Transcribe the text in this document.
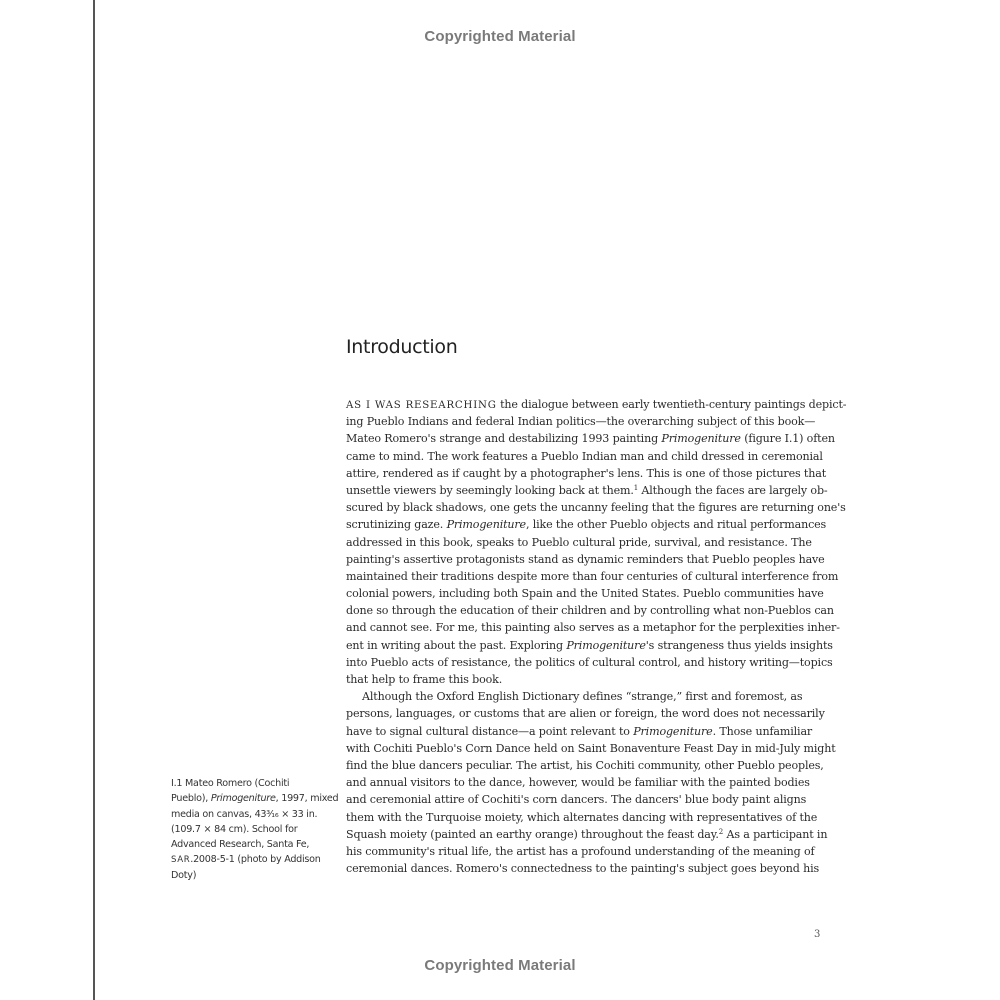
Copyrighted Material
Introduction
AS I WAS RESEARCHING the dialogue between early twentieth-century paintings depict-
ing Pueblo Indians and federal Indian politics—the overarching subject of this book—
Mateo Romero's strange and destabilizing 1993 painting Primogeniture (figure I.1) often
came to mind. The work features a Pueblo Indian man and child dressed in ceremonial
attire, rendered as if caught by a photographer's lens. This is one of those pictures that
unsettle viewers by seemingly looking back at them.$^1$ Although the faces are largely ob-
scured by black shadows, one gets the uncanny feeling that the figures are returning one's
scrutinizing gaze. Primogeniture, like the other Pueblo objects and ritual performances
addressed in this book, speaks to Pueblo cultural pride, survival, and resistance. The
painting's assertive protagonists stand as dynamic reminders that Pueblo peoples have
maintained their traditions despite more than four centuries of cultural interference from
colonial powers, including both Spain and the United States. Pueblo communities have
done so through the education of their children and by controlling what non-Pueblos can
and cannot see. For me, this painting also serves as a metaphor for the perplexities inher-
ent in writing about the past. Exploring Primogeniture's strangeness thus yields insights
into Pueblo acts of resistance, the politics of cultural control, and history writing—topics
that help to frame this book.
Although the Oxford English Dictionary defines “strange,” first and foremost, as
persons, languages, or customs that are alien or foreign, the word does not necessarily
have to signal cultural distance—a point relevant to Primogeniture. Those unfamiliar
with Cochiti Pueblo's Corn Dance held on Saint Bonaventure Feast Day in mid-July might
find the blue dancers peculiar. The artist, his Cochiti community, other Pueblo peoples,
and annual visitors to the dance, however, would be familiar with the painted bodies
and ceremonial attire of Cochiti's corn dancers. The dancers' blue body paint aligns
them with the Turquoise moiety, which alternates dancing with representatives of the
Squash moiety (painted an earthy orange) throughout the feast day.$^2$ As a participant in
his community's ritual life, the artist has a profound understanding of the meaning of
ceremonial dances. Romero's connectedness to the painting's subject goes beyond his
I.1 Mateo Romero (Cochiti
Pueblo), Primogeniture, 1997, mixed
media on canvas, 43³⁄₁₆ × 33 in.
(109.7 × 84 cm). School for
Advanced Research, Santa Fe,
SAR.2008-5-1 (photo by Addison
Doty)
3
Copyrighted Material
